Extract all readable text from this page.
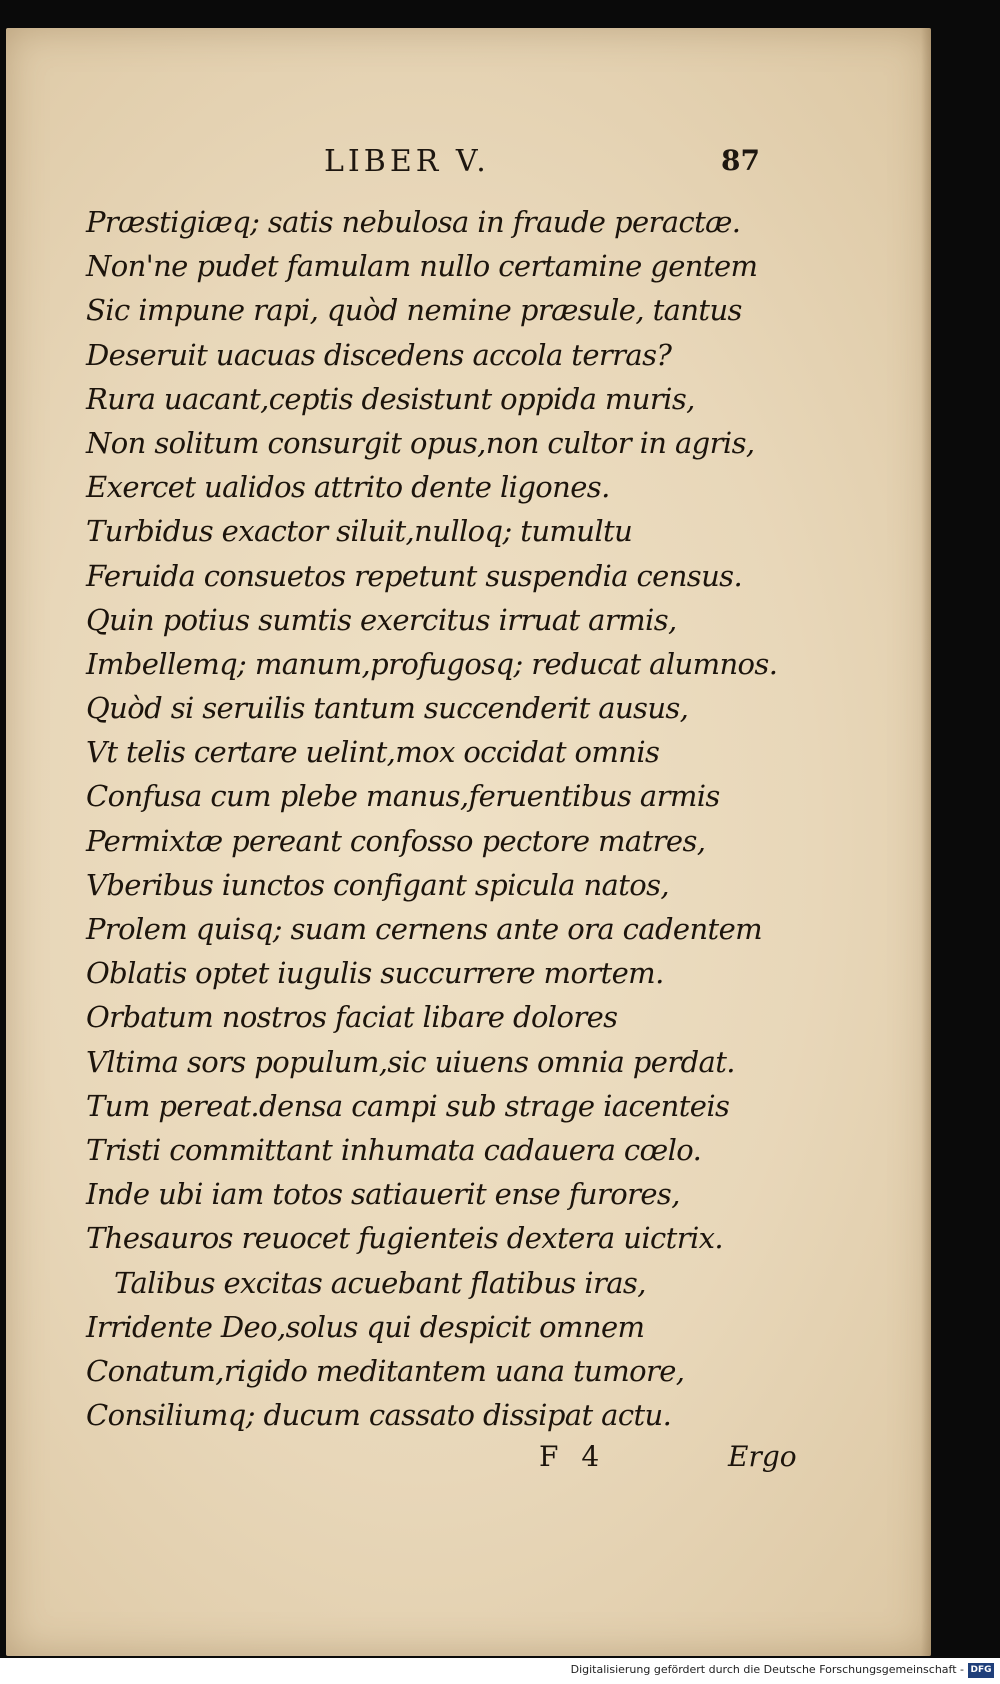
LIBER V.	87
Præstigiæq; satis nebulosa in fraude peractæ.
Non'ne pudet famulam nullo certamine gentem
Sic impune rapi, quòd nemine præsule, tantus
Deseruit uacuas discedens accola terras?
Rura uacant,ceptis desistunt oppida muris,
Non solitum consurgit opus,non cultor in agris,
Exercet ualidos attrito dente ligones.
Turbidus exactor siluit,nulloq; tumultu
Feruida consuetos repetunt suspendia census.
Quin potius sumtis exercitus irruat armis,
Imbellemq; manum,profugosq; reducat alumnos.
Quòd si seruilis tantum succenderit ausus,
Vt telis certare uelint,mox occidat omnis
Confusa cum plebe manus,feruentibus armis
Permixtæ pereant confosso pectore matres,
Vberibus iunctos configant spicula natos,
Prolem quisq; suam cernens ante ora cadentem
Oblatis optet iugulis succurrere mortem.
Orbatum nostros faciat libare dolores
Vltima sors populum,sic uiuens omnia perdat.
Tum pereat.densa campi sub strage iacenteis
Tristi committant inhumata cadauera cœlo.
Inde ubi iam totos satiauerit ense furores,
Thesauros reuocet fugienteis dextera uictrix.
Talibus excitas acuebant flatibus iras,
Irridente Deo,solus qui despicit omnem
Conatum,rigido meditantem uana tumore,
Consiliumq; ducum cassato dissipat actu.
F 4	Ergo
Digitalisierung gefördert durch die Deutsche Forschungsgemeinschaft - DFG
